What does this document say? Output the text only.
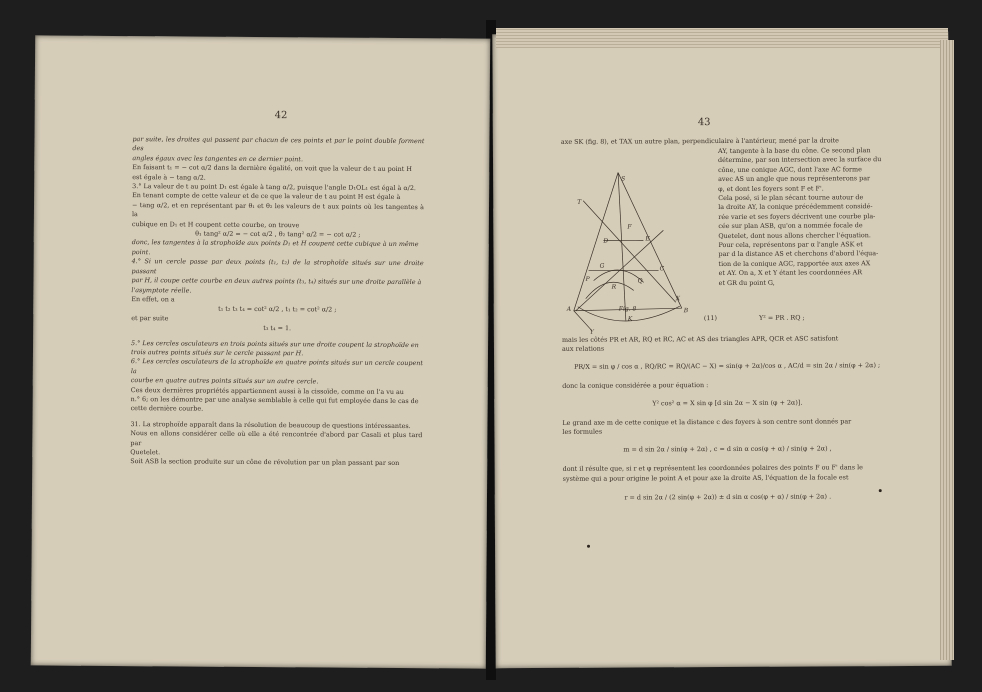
42

par suite, les droites qui passent par chacun de ces points et par le point double forment des

angles égaux avec les tangentes en ce dernier point.

En faisant t₁ = − cot α/2 dans la dernière égalité, on voit que la valeur de t au point H

est égale à − tang α/2.

3.° La valeur de t au point D₁ est égale à tang α/2, puisque l'angle D₁OL₁ est égal à α/2.

En tenant compte de cette valeur et de ce que la valeur de t au point H est égale à

− tang α/2, et en représentant par θ₁ et θ₂ les valeurs de t aux points où les tangentes à la

cubique en D₁ et H coupent cette courbe, on trouve

θ₁ tang² α/2 = − cot α/2 , θ₂ tang² α/2 = − cot α/2 ;

donc, les tangentes à la strophoïde aux points D₁ et H coupent cette cubique à un même

point.

4.° Si un cercle passe par deux points (t₁, t₂) de la strophoïde situés sur une droite passant

par H, il coupe cette courbe en deux autres points (t₃, t₄) situés sur une droite parallèle à

l'asymptote réelle.

En effet, on a

t₁ t₂ t₃ t₄ = cot² α/2 , t₁ t₂ = cot² α/2 ;

et par suite

t₃ t₄ = 1.

5.° Les cercles osculateurs en trois points situés sur une droite coupent la strophoïde en

trois autres points situés sur le cercle passant par H.

6.° Les cercles osculateurs de la strophoïde en quatre points situés sur un cercle coupent la

courbe en quatre autres points situés sur un autre cercle.

Ces deux dernières propriétés appartiennent aussi à la cissoïde, comme on l'a vu au

n.° 6; on les démontre par une analyse semblable à celle qui fut employée dans le cas de

cette dernière courbe.

31. La strophoïde apparaît dans la résolution de beaucoup de questions intéressantes.

Nous en allons considérer celle où elle a été rencontrée d'abord par Casali et plus tard par

Quetelet.

Soit ASB la section produite sur un cône de révolution par un plan passant par son

43
axe SK (fig. 8), et TAX un autre plan, perpendiculaire à l'antérieur, mené par la droite
S
T
F
G
A
X
B
C
Y
E
K
P	Q
R
D
Fig. 8

AY, tangente à la base du cône. Ce second plan

détermine, par son intersection avec la surface du

cône, une conique AGC, dont l'axe AC forme

avec AS un angle que nous représenterons par

φ, et dont les foyers sont F et F'.

Cela posé, si le plan sécant tourne autour de

la droite AY, la conique précédemment considé-

rée varie et ses foyers décrivent une courbe pla-

cée sur plan ASB, qu'on a nommée focale de

Quetelet, dont nous allons chercher l'équation.

Pour cela, représentons par α l'angle ASK et

par d la distance AS et cherchons d'abord l'équa-

tion de la conique AGC, rapportée aux axes AX

et AY. On a, X et Y étant les coordonnées AR

et GR du point G,

(11)	Y² = PR . RQ ;

mais les côtés PR et AR, RQ et RC, AC et AS des triangles APR, QCR et ASC satisfont

aux relations

PR/X = sin φ / cos α , RQ/RC = RQ/(AC − X) = sin(φ + 2α)/cos α , AC/d = sin 2α / sin(φ + 2α) ;

donc la conique considérée a pour équation :

Y² cos² α = X sin φ [d sin 2α − X sin (φ + 2α)].

Le grand axe m de cette conique et la distance c des foyers à son centre sont donnés par

les formules

m = d sin 2α / sin(φ + 2α) , c = d sin α cos(φ + α) / sin(φ + 2α) ,

dont il résulte que, si r et φ représentent les coordonnées polaires des points F ou F' dans le

système qui a pour origine le point A et pour axe la droite AS, l'équation de la focale est

r = d sin 2α / (2 sin(φ + 2α)) ± d sin α cos(φ + α) / sin(φ + 2α) .
